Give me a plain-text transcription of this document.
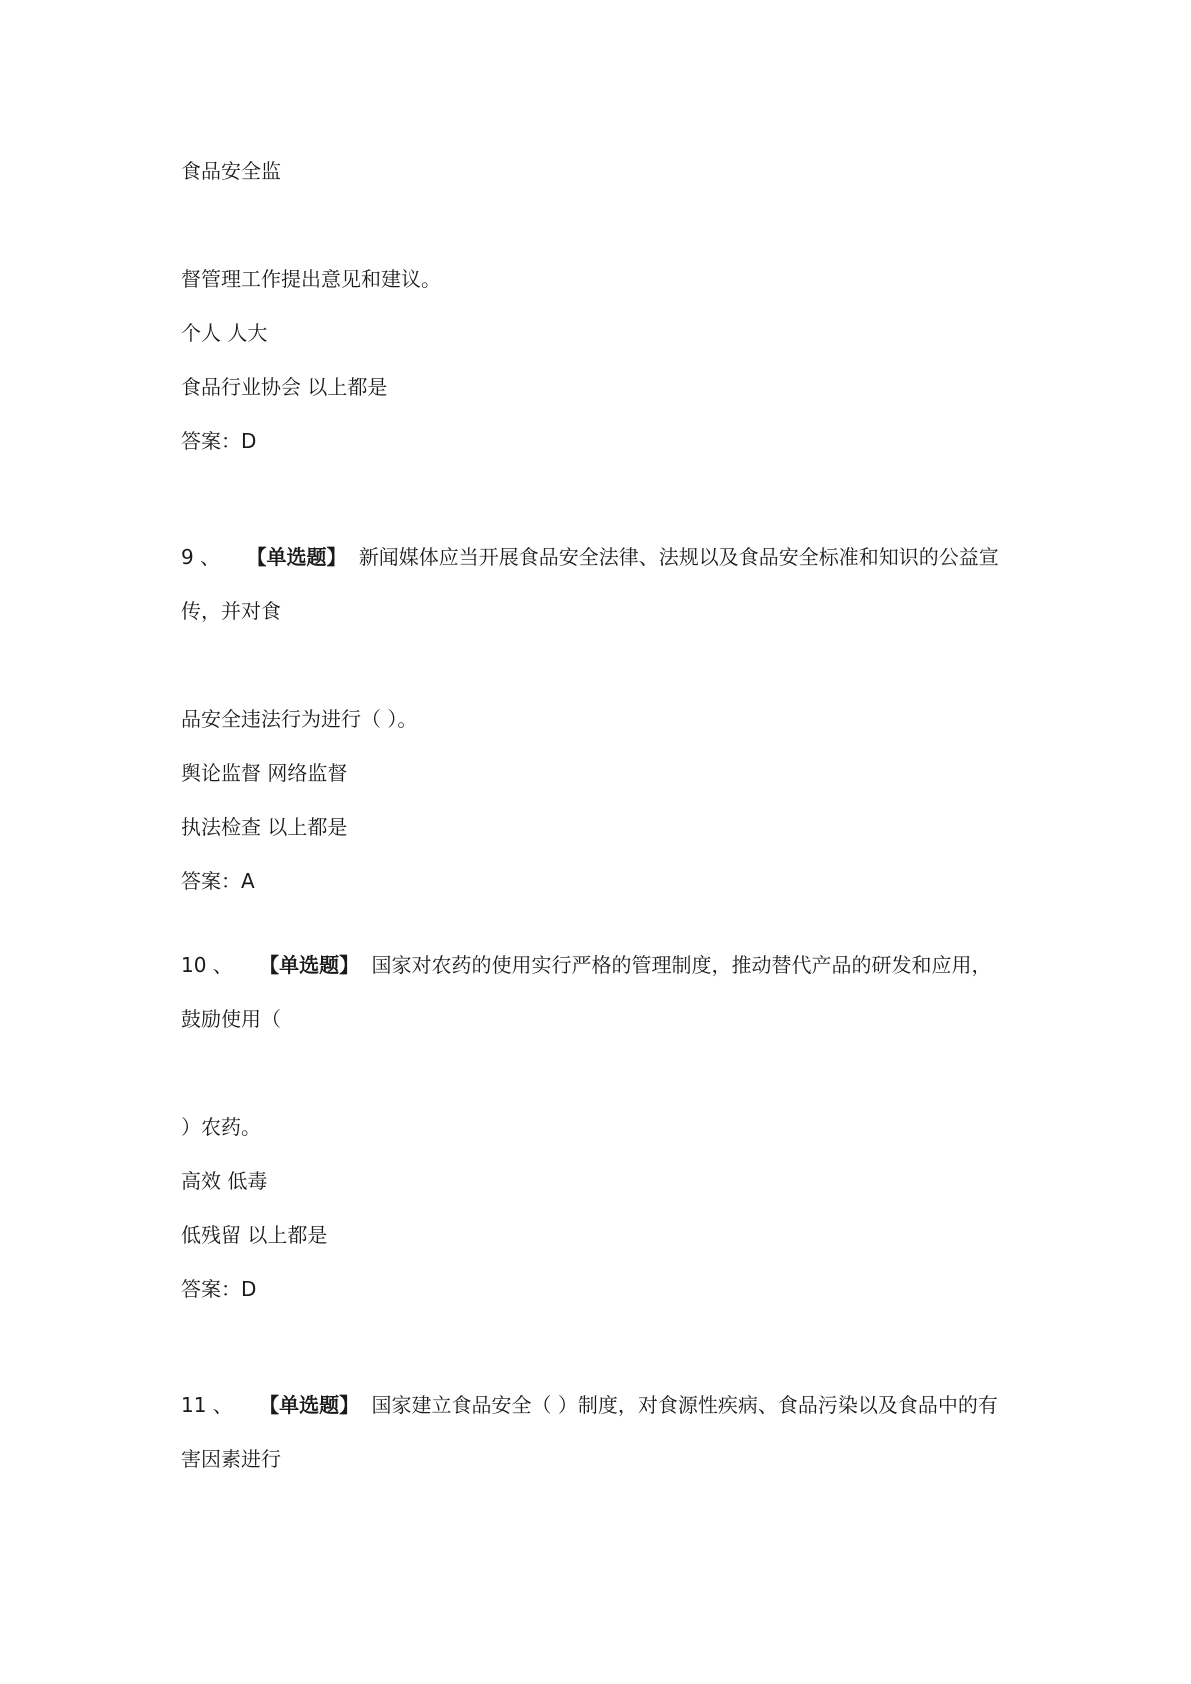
食品安全监
督管理工作提出意见和建议。
个人 人大
食品行业协会 以上都是
答案：D
9 、 【单选题】 新闻媒体应当开展食品安全法律、法规以及食品安全标准和知识的公益宣
传，并对食
品安全违法行为进行（ ）。
舆论监督 网络监督
执法检查 以上都是
答案：A
10 、 【单选题】 国家对农药的使用实行严格的管理制度，推动替代产品的研发和应用，
鼓励使用（
）农药。
高效 低毒
低残留 以上都是
答案：D
11 、 【单选题】 国家建立食品安全（ ）制度，对食源性疾病、食品污染以及食品中的有
害因素进行
